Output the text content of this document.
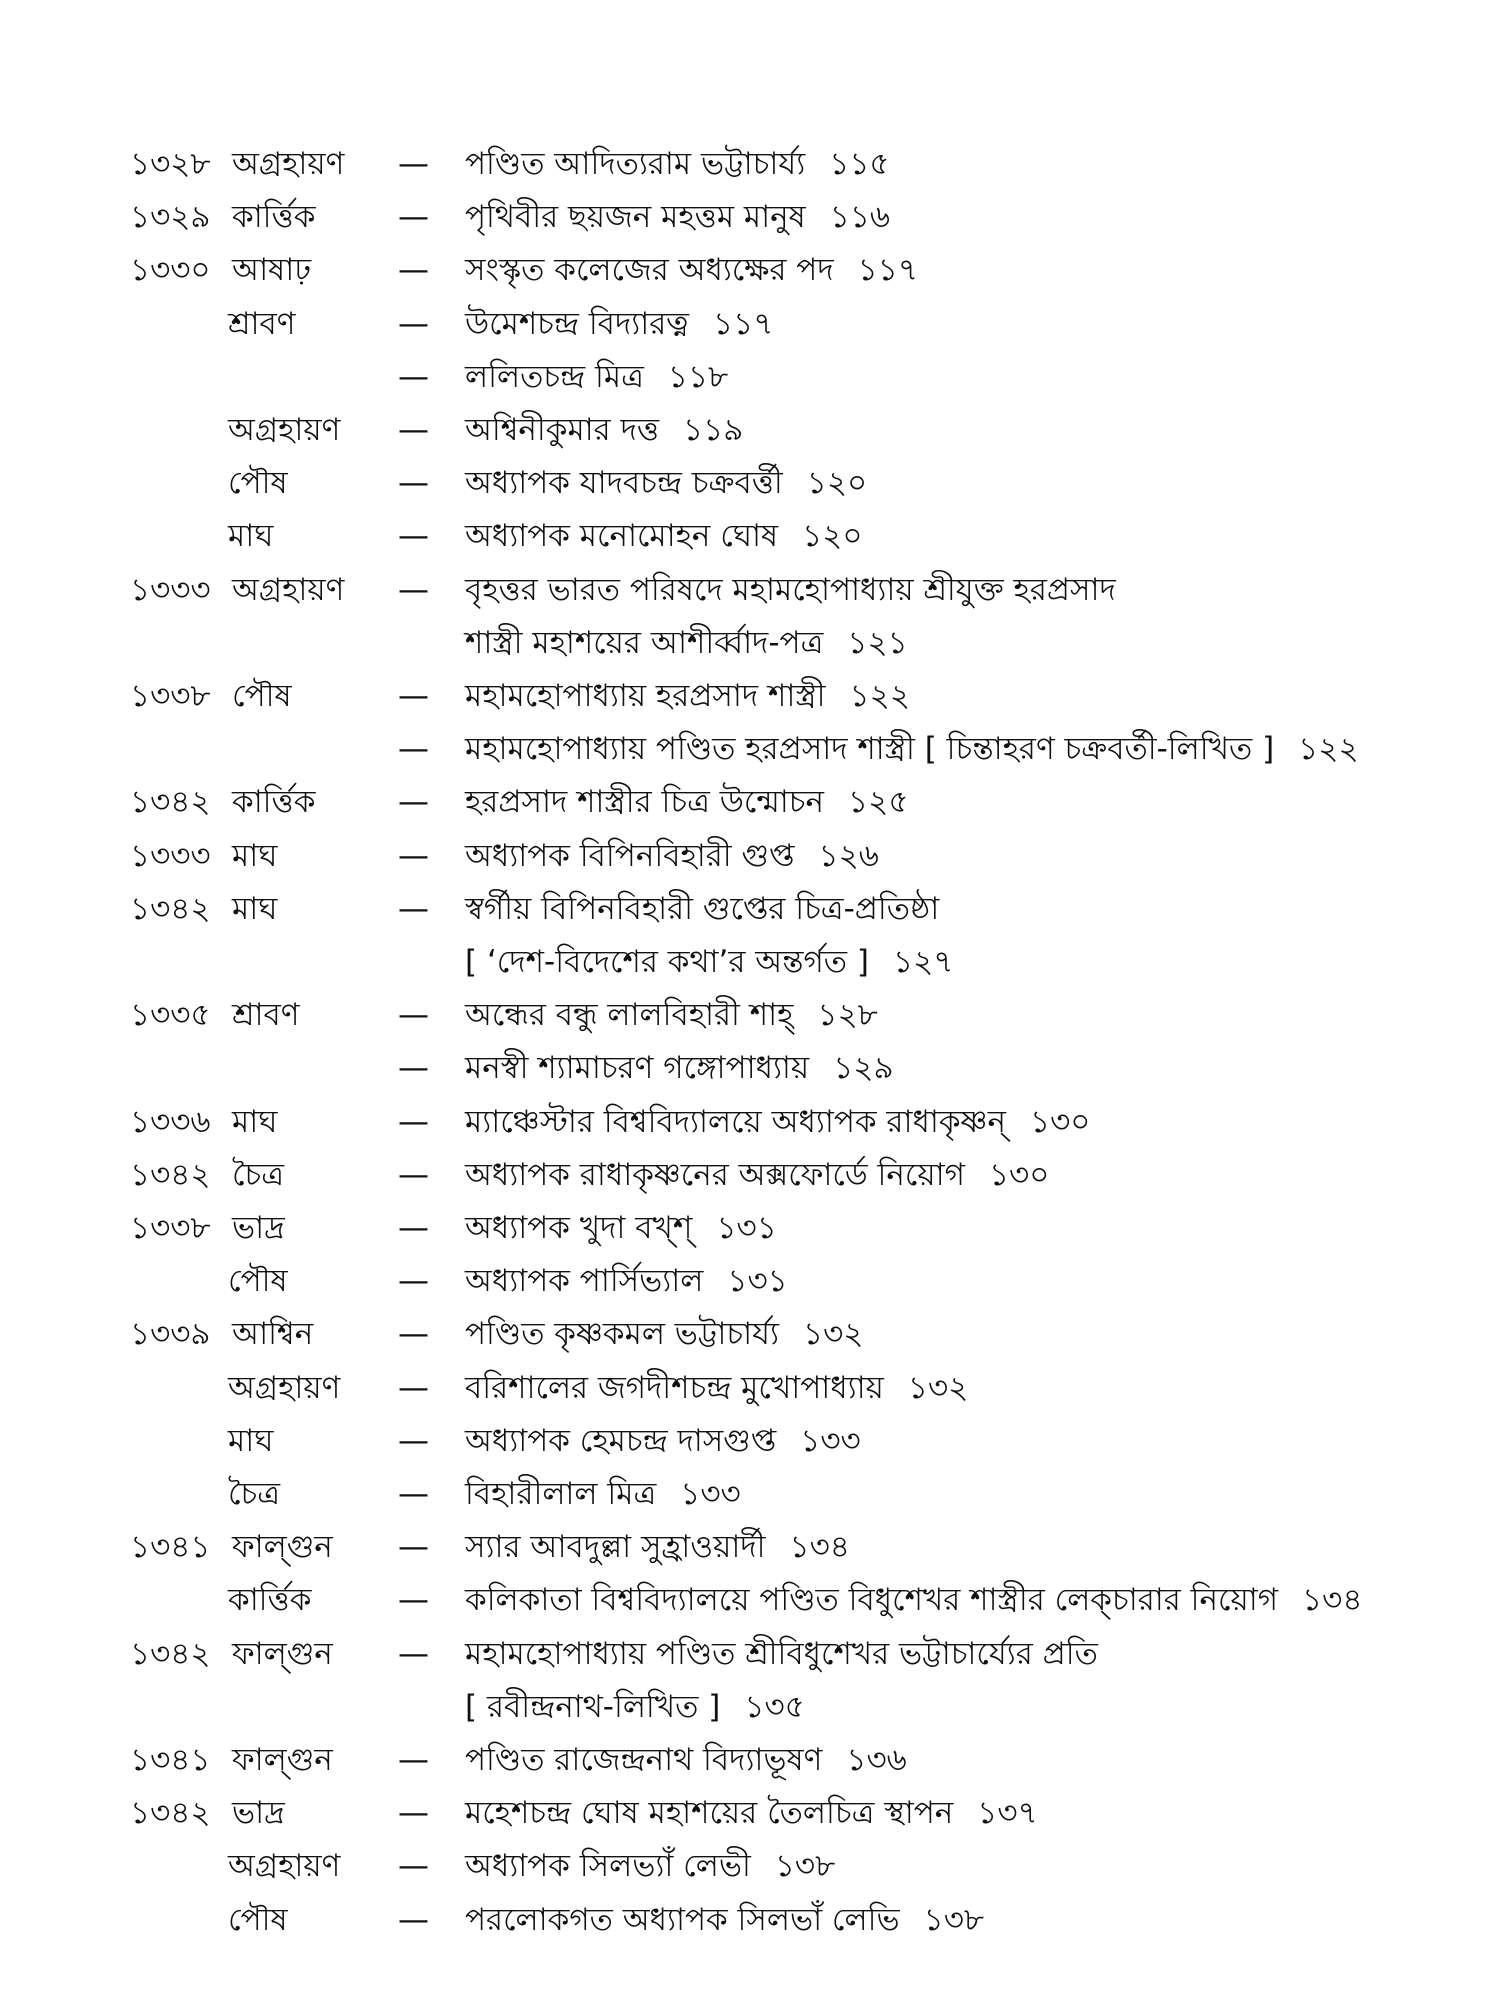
১৩২৮ অগ্রহায়ণ — পণ্ডিত আদিত্যরাম ভট্টাচার্য্য ১১৫
১৩২৯ কার্ত্তিক	— পৃথিবীর ছয়জন মহত্তম মানুষ ১১৬
১৩৩০ আষাঢ়	— সংস্কৃত কলেজের অধ্যক্ষের পদ ১১৭
শ্রাবণ	— উমেশচন্দ্র বিদ্যারত্ন ১১৭
— ললিতচন্দ্র মিত্র ১১৮
অগ্রহায়ণ — অশ্বিনীকুমার দত্ত ১১৯
পৌষ	— অধ্যাপক যাদবচন্দ্র চক্রবর্ত্তী ১২০
মাঘ	— অধ্যাপক মনোমোহন ঘোষ ১২০
১৩৩৩ অগ্রহায়ণ — বৃহত্তর ভারত পরিষদে মহামহোপাধ্যায় শ্রীযুক্ত হরপ্রসাদ
শাস্ত্রী মহাশয়ের আশীর্ব্বাদ-পত্র ১২১
১৩৩৮ পৌষ	— মহামহোপাধ্যায় হরপ্রসাদ শাস্ত্রী ১২২
— মহামহোপাধ্যায় পণ্ডিত হরপ্রসাদ শাস্ত্রী [ চিন্তাহরণ চক্রবর্তী-লিখিত ] ১২২
১৩৪২ কার্ত্তিক	— হরপ্রসাদ শাস্ত্রীর চিত্র উন্মোচন ১২৫
১৩৩৩ মাঘ	— অধ্যাপক বিপিনবিহারী গুপ্ত ১২৬
১৩৪২ মাঘ	— স্বর্গীয় বিপিনবিহারী গুপ্তের চিত্র-প্রতিষ্ঠা
[ ‘দেশ-বিদেশের কথা’র অন্তর্গত ] ১২৭
১৩৩৫ শ্রাবণ	— অন্ধের বন্ধু লালবিহারী শাহ্ ১২৮
— মনস্বী শ্যামাচরণ গঙ্গোপাধ্যায় ১২৯
১৩৩৬ মাঘ	— ম্যাঞ্চেস্টার বিশ্ববিদ্যালয়ে অধ্যাপক রাধাকৃষ্ণন্ ১৩০
১৩৪২ চৈত্র	— অধ্যাপক রাধাকৃষ্ণনের অক্সফোর্ডে নিয়োগ ১৩০
১৩৩৮ ভাদ্র	— অধ্যাপক খুদা বখ্শ্ ১৩১
পৌষ	— অধ্যাপক পার্সিভ্যাল ১৩১
১৩৩৯ আশ্বিন	— পণ্ডিত কৃষ্ণকমল ভট্টাচার্য্য ১৩২
অগ্রহায়ণ — বরিশালের জগদীশচন্দ্র মুখোপাধ্যায় ১৩২
মাঘ	— অধ্যাপক হেমচন্দ্র দাসগুপ্ত ১৩৩
চৈত্র	— বিহারীলাল মিত্র ১৩৩
১৩৪১ ফাল্গুন — স্যার আবদুল্লা সুহ্রাওয়ার্দী ১৩৪
কার্ত্তিক	— কলিকাতা বিশ্ববিদ্যালয়ে পণ্ডিত বিধুশেখর শাস্ত্রীর লেক্‌চারার নিয়োগ ১৩৪
১৩৪২ ফাল্গুন — মহামহোপাধ্যায় পণ্ডিত শ্রীবিধুশেখর ভট্টাচার্য্যের প্রতি
[ রবীন্দ্রনাথ-লিখিত ] ১৩৫
১৩৪১ ফাল্গুন — পণ্ডিত রাজেন্দ্রনাথ বিদ্যাভূষণ ১৩৬
১৩৪২ ভাদ্র	— মহেশচন্দ্র ঘোষ মহাশয়ের তৈলচিত্র স্থাপন ১৩৭
অগ্রহায়ণ — অধ্যাপক সিলভ্যাঁ লেভী ১৩৮
পৌষ	— পরলোকগত অধ্যাপক সিলভাঁ লেভি ১৩৮
